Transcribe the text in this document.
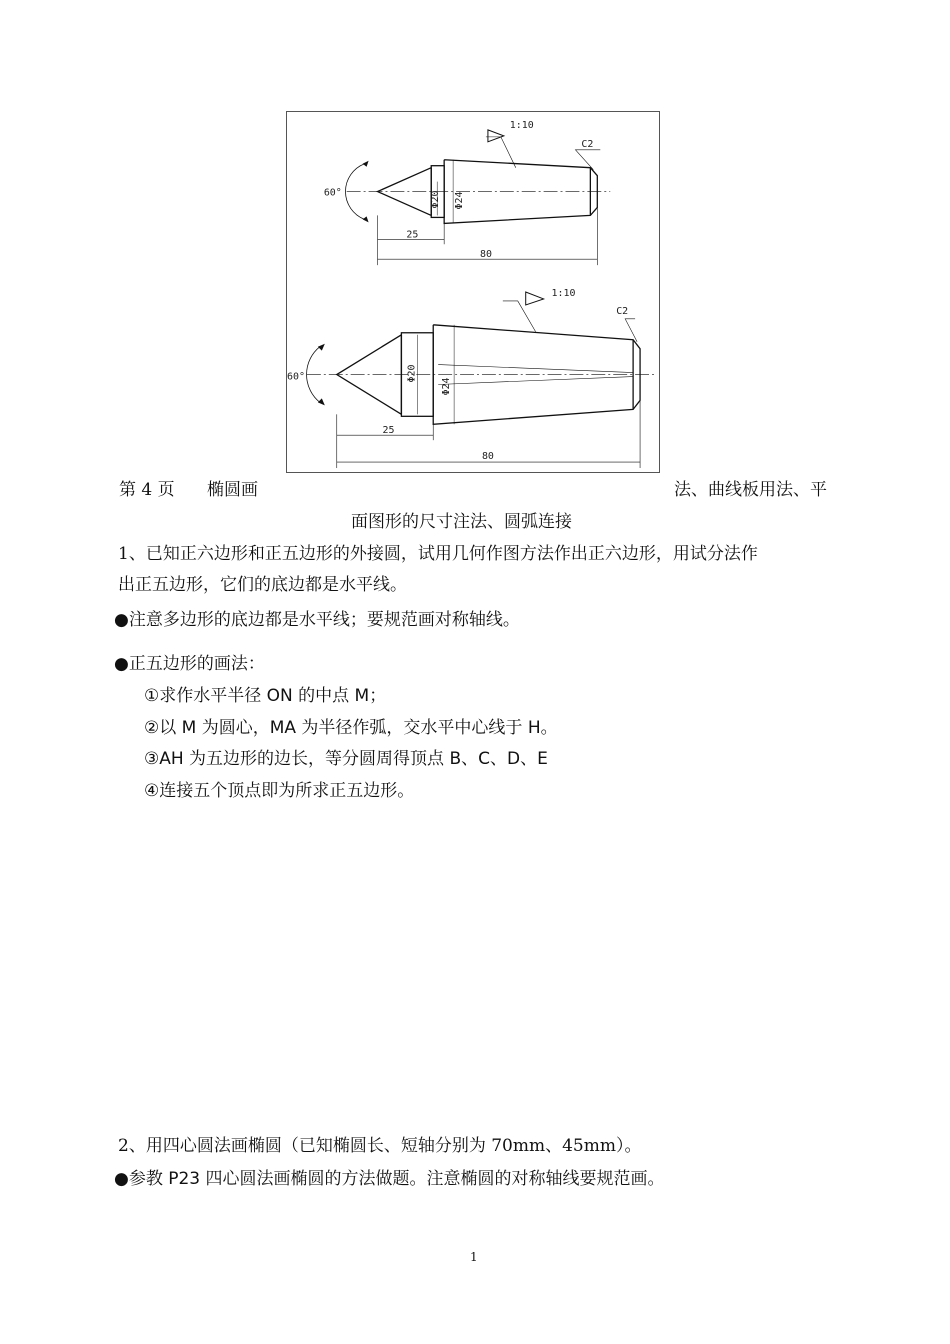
1:10
C2
60°
25
80
Φ20 Φ24
1:10
C2
60°
25
80
Φ20
Φ24
第 4 页 椭圆画	法、曲线板用法、平
面图形的尺寸注法、圆弧连接
1、已知正六边形和正五边形的外接圆，试用几何作图方法作出正六边形，用试分法作
出正五边形，它们的底边都是水平线。
●注意多边形的底边都是水平线；要规范画对称轴线。
●正五边形的画法：
①求作水平半径 ON 的中点 M；
②以 M 为圆心，MA 为半径作弧，交水平中心线于 H。
③AH 为五边形的边长，等分圆周得顶点 B、C、D、E
④连接五个顶点即为所求正五边形。
2、用四心圆法画椭圆（已知椭圆长、短轴分别为 70mm、45mm）。
●参教 P23 四心圆法画椭圆的方法做题。注意椭圆的对称轴线要规范画。
1
